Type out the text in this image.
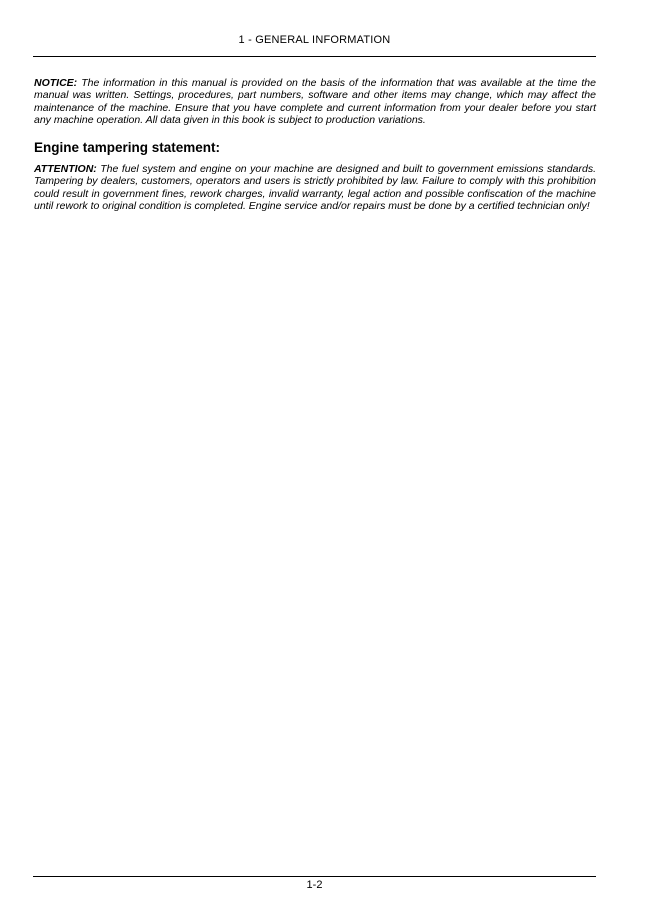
1 - GENERAL INFORMATION

NOTICE: The information in this manual is provided on the basis of the information that was available at the time the manual was written. Settings, procedures, part numbers, software and other items may change, which may affect the maintenance of the machine. Ensure that you have complete and current information from your dealer before you start any machine operation. All data given in this book is subject to production variations.

Engine tampering statement:

ATTENTION: The fuel system and engine on your machine are designed and built to government emissions standards. Tampering by dealers, customers, operators and users is strictly prohibited by law. Failure to comply with this prohibition could result in government fines, rework charges, invalid warranty, legal action and possible confiscation of the machine until rework to original condition is completed. Engine service and/or repairs must be done by a certified technician only!

1-2
